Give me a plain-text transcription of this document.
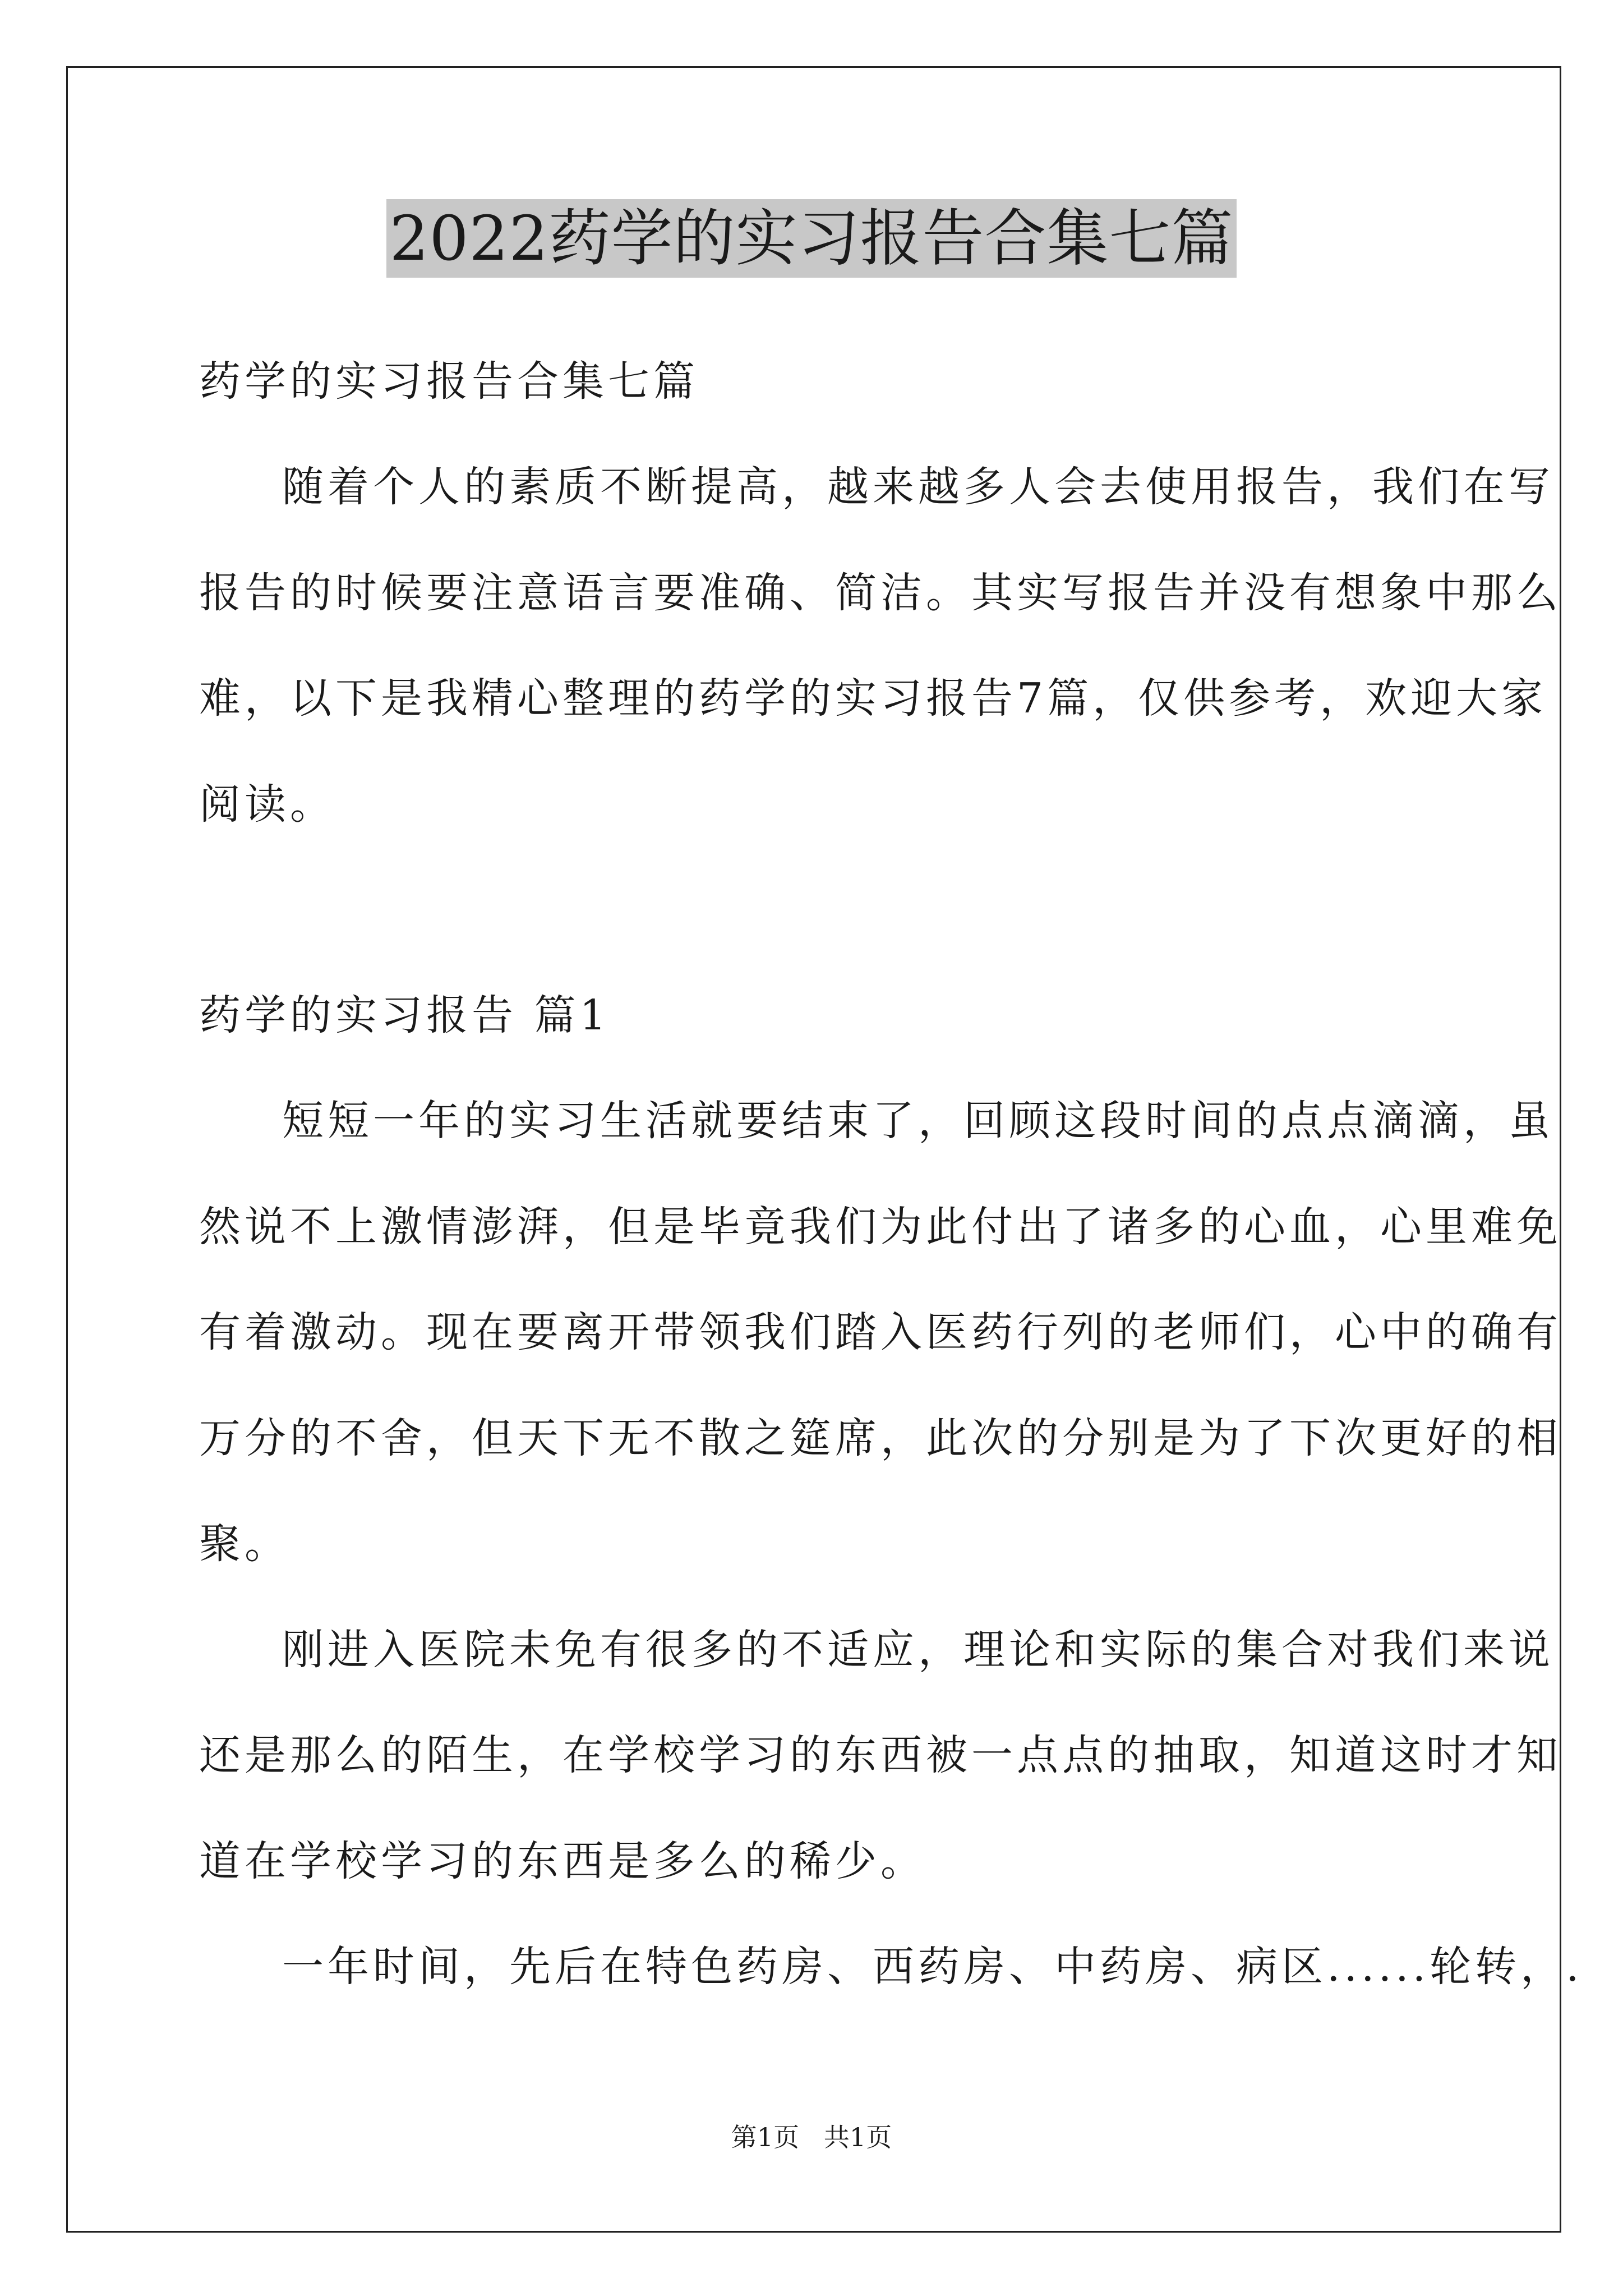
2022药学的实习报告合集七篇
药学的实习报告合集七篇
随着个人的素质不断提高，越来越多人会去使用报告，我们在写
报告的时候要注意语言要准确、简洁。其实写报告并没有想象中那么
难，以下是我精心整理的药学的实习报告7篇，仅供参考，欢迎大家
阅读。
药学的实习报告 篇1
短短一年的实习生活就要结束了，回顾这段时间的点点滴滴，虽
然说不上激情澎湃，但是毕竟我们为此付出了诸多的心血，心里难免
有着激动。现在要离开带领我们踏入医药行列的老师们，心中的确有
万分的不舍，但天下无不散之筵席，此次的分别是为了下次更好的相
聚。
刚进入医院未免有很多的不适应，理论和实际的集合对我们来说
还是那么的陌生，在学校学习的东西被一点点的抽取，知道这时才知
道在学校学习的东西是多么的稀少。
一年时间，先后在特色药房、西药房、中药房、病区......轮转，.
第1页   共1页
